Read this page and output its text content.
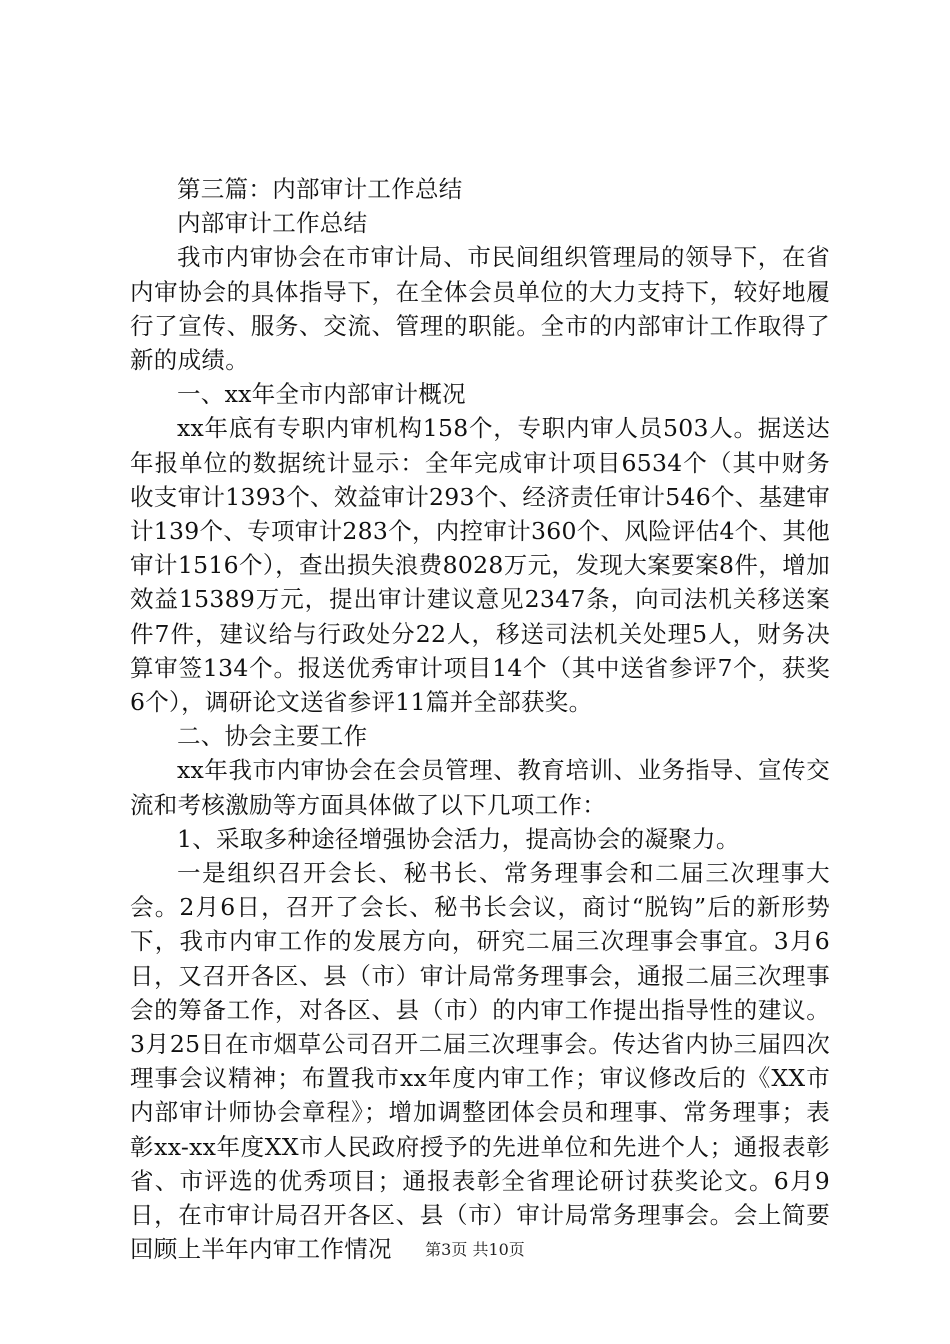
第三篇：内部审计工作总结

内部审计工作总结

我市内审协会在市审计局、市民间组织管理局的领导下，在省内审协会的具体指导下，在全体会员单位的大力支持下，较好地履行了宣传、服务、交流、管理的职能。全市的内部审计工作取得了新的成绩。

一、xx年全市内部审计概况

xx年底有专职内审机构158个，专职内审人员503人。据送达年报单位的数据统计显示：全年完成审计项目6534个（其中财务收支审计1393个、效益审计293个、经济责任审计546个、基建审计139个、专项审计283个，内控审计360个、风险评估4个、其他审计1516个），查出损失浪费8028万元，发现大案要案8件，增加效益15389万元，提出审计建议意见2347条，向司法机关移送案件7件，建议给与行政处分22人，移送司法机关处理5人，财务决算审签134个。报送优秀审计项目14个（其中送省参评7个，获奖6个），调研论文送省参评11篇并全部获奖。

二、协会主要工作

xx年我市内审协会在会员管理、教育培训、业务指导、宣传交流和考核激励等方面具体做了以下几项工作：

1、采取多种途径增强协会活力，提高协会的凝聚力。

一是组织召开会长、秘书长、常务理事会和二届三次理事大会。2月6日，召开了会长、秘书长会议，商讨“脱钩”后的新形势下，我市内审工作的发展方向，研究二届三次理事会事宜。3月6日，又召开各区、县（市）审计局常务理事会，通报二届三次理事会的筹备工作，对各区、县（市）的内审工作提出指导性的建议。3月25日在市烟草公司召开二届三次理事会。传达省内协三届四次理事会议精神；布置我市xx年度内审工作；审议修改后的《XX市内部审计师协会章程》；增加调整团体会员和理事、常务理事；表彰xx-xx年度XX市人民政府授予的先进单位和先进个人；通报表彰省、市评选的优秀项目；通报表彰全省理论研讨获奖论文。6月9日，在市审计局召开各区、县（市）审计局常务理事会。会上简要回顾上半年内审工作情况	第3页 共10页
